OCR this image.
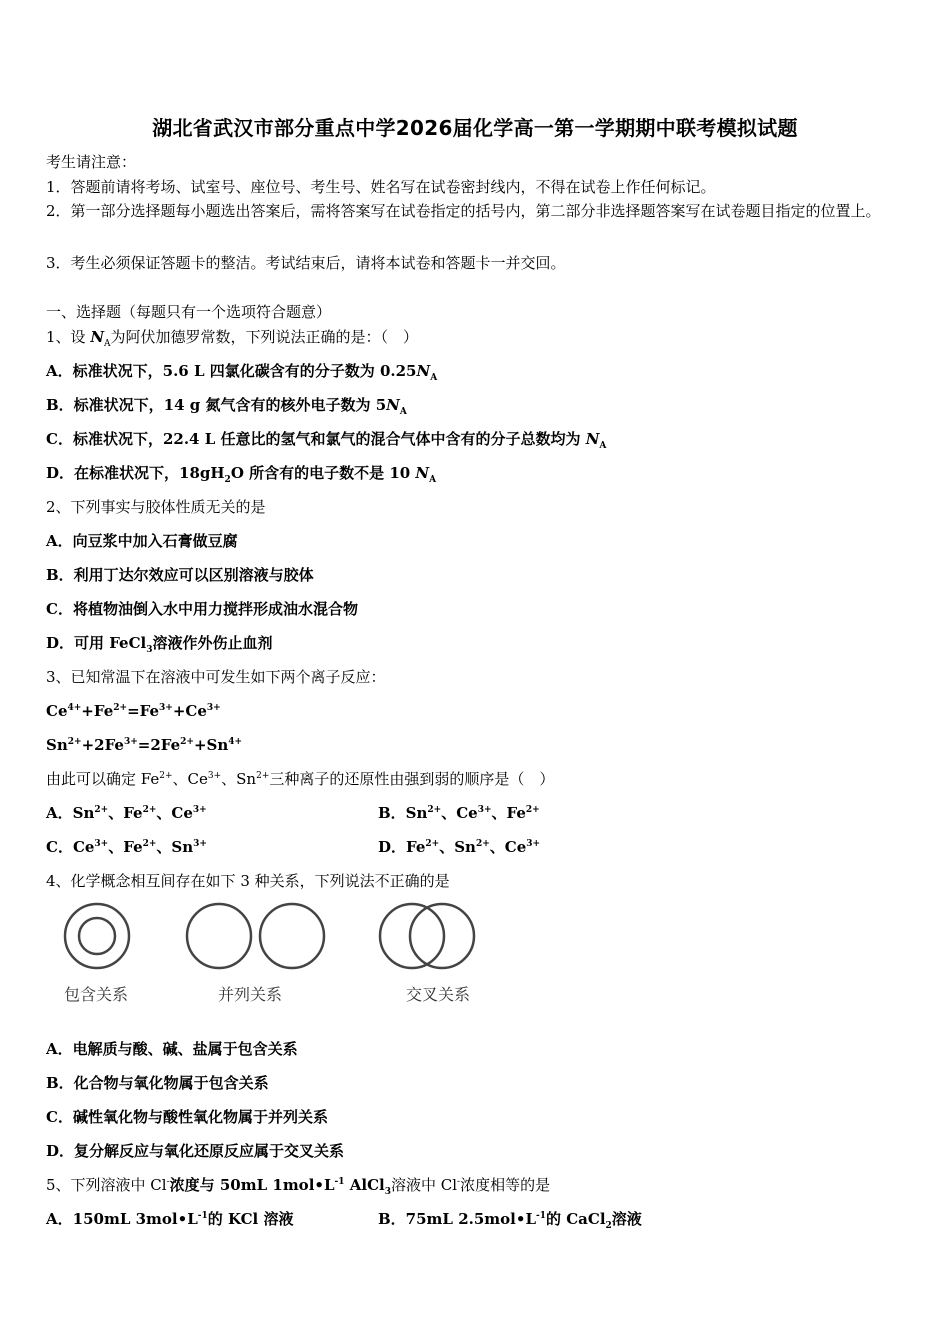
湖北省武汉市部分重点中学2026届化学高一第一学期期中联考模拟试题
考生请注意：
1．答题前请将考场、试室号、座位号、考生号、姓名写在试卷密封线内，不得在试卷上作任何标记。
2．第一部分选择题每小题选出答案后，需将答案写在试卷指定的括号内，第二部分非选择题答案写在试卷题目指定的位置上。
3．考生必须保证答题卡的整洁。考试结束后，请将本试卷和答题卡一并交回。
一、选择题（每题只有一个选项符合题意）
1、设 $N_A$为阿伏加德罗常数，下列说法正确的是：（　）
A．标准状况下，5.6 L 四氯化碳含有的分子数为 $0.25N_A$
B．标准状况下，14 g 氮气含有的核外电子数为 $5N_A$
C．标准状况下，22.4 L 任意比的氢气和氯气的混合气体中含有的分子总数均为 $N_A$
D．在标准状况下，$18gH_2O$ 所含有的电子数不是 10 $N_A$
2、下列事实与胶体性质无关的是
A．向豆浆中加入石膏做豆腐
B．利用丁达尔效应可以区别溶液与胶体
C．将植物油倒入水中用力搅拌形成油水混合物
D．可用 FeCl$_3$溶液作外伤止血剂
3、已知常温下在溶液中可发生如下两个离子反应：
$Ce^{4+}+Fe^{2+}=Fe^{3+}+Ce^{3+}$
$Sn^{2+}+2Fe^{3+}=2Fe^{2+}+Sn^{4+}$
由此可以确定 $Fe^{2+}$、$Ce^{3+}$、$Sn^{2+}$三种离子的还原性由强到弱的顺序是（　）
A．$Sn^{2+}$、$Fe^{2+}$、$Ce^{3+}$	B．$Sn^{2+}$、$Ce^{3+}$、$Fe^{2+}$
C．$Ce^{3+}$、$Fe^{2+}$、$Sn^{3+}$	D．$Fe^{2+}$、$Sn^{2+}$、$Ce^{3+}$
4、化学概念相互间存在如下 3 种关系，下列说法不正确的是
包含关系	并列关系	交叉关系
A．电解质与酸、碱、盐属于包含关系
B．化合物与氧化物属于包含关系
C．碱性氧化物与酸性氧化物属于并列关系
D．复分解反应与氧化还原反应属于交叉关系
5、下列溶液中 Cl-浓度与 50mL $1mol•L^{-1}$ AlCl$_3$溶液中 Cl-浓度相等的是
A．150mL $3mol•L^{-1}$的 KCl 溶液	B．75mL $2.5mol•L^{-1}$的 CaCl$_2$溶液
